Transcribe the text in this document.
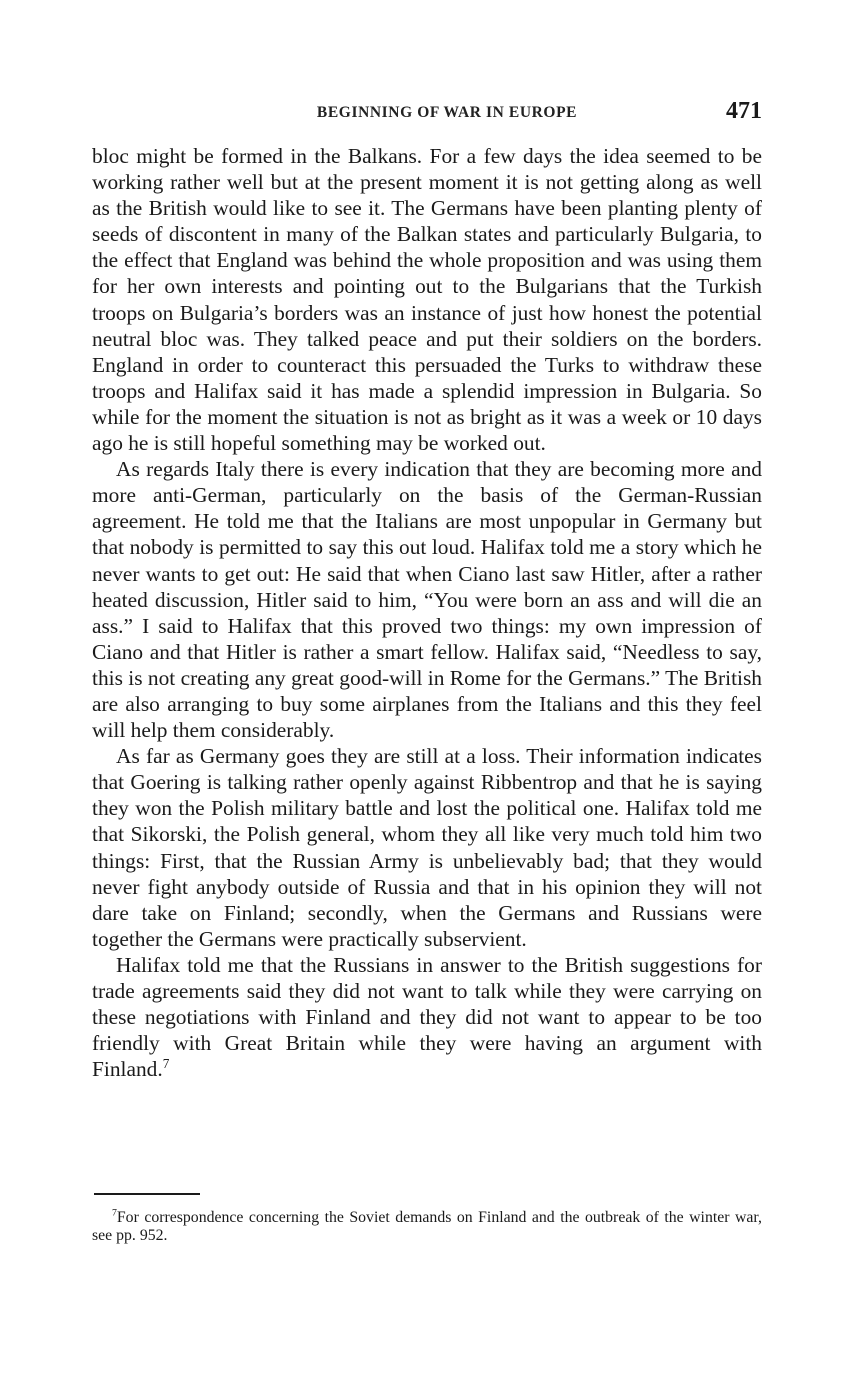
BEGINNING OF WAR IN EUROPE	471

bloc might be formed in the Balkans. For a few days the idea seemed to be working rather well but at the present moment it is not getting along as well as the British would like to see it. The Germans have been planting plenty of seeds of discontent in many of the Balkan states and particularly Bulgaria, to the effect that England was behind the whole proposition and was using them for her own interests and pointing out to the Bulgarians that the Turkish troops on Bulgaria’s borders was an instance of just how honest the potential neutral bloc was. They talked peace and put their soldiers on the borders. England in order to counteract this persuaded the Turks to withdraw these troops and Halifax said it has made a splendid impression in Bulgaria. So while for the moment the situation is not as bright as it was a week or 10 days ago he is still hopeful something may be worked out.

As regards Italy there is every indication that they are becoming more and more anti-German, particularly on the basis of the German-Russian agreement. He told me that the Italians are most unpopular in Germany but that nobody is permitted to say this out loud. Halifax told me a story which he never wants to get out: He said that when Ciano last saw Hitler, after a rather heated discussion, Hitler said to him, “You were born an ass and will die an ass.” I said to Halifax that this proved two things: my own impression of Ciano and that Hitler is rather a smart fellow. Halifax said, “Needless to say, this is not creating any great good-will in Rome for the Germans.” The British are also arranging to buy some airplanes from the Italians and this they feel will help them considerably.

As far as Germany goes they are still at a loss. Their information indicates that Goering is talking rather openly against Ribbentrop and that he is saying they won the Polish military battle and lost the political one. Halifax told me that Sikorski, the Polish general, whom they all like very much told him two things: First, that the Russian Army is unbelievably bad; that they would never fight anybody outside of Russia and that in his opinion they will not dare take on Finland; secondly, when the Germans and Russians were together the Germans were practically subservient.

Halifax told me that the Russians in answer to the British suggestions for trade agreements said they did not want to talk while they were carrying on these negotiations with Finland and they did not want to appear to be too friendly with Great Britain while they were having an argument with Finland.$^7$

$^7$For correspondence concerning the Soviet demands on Finland and the outbreak of the winter war, see pp. 952.
